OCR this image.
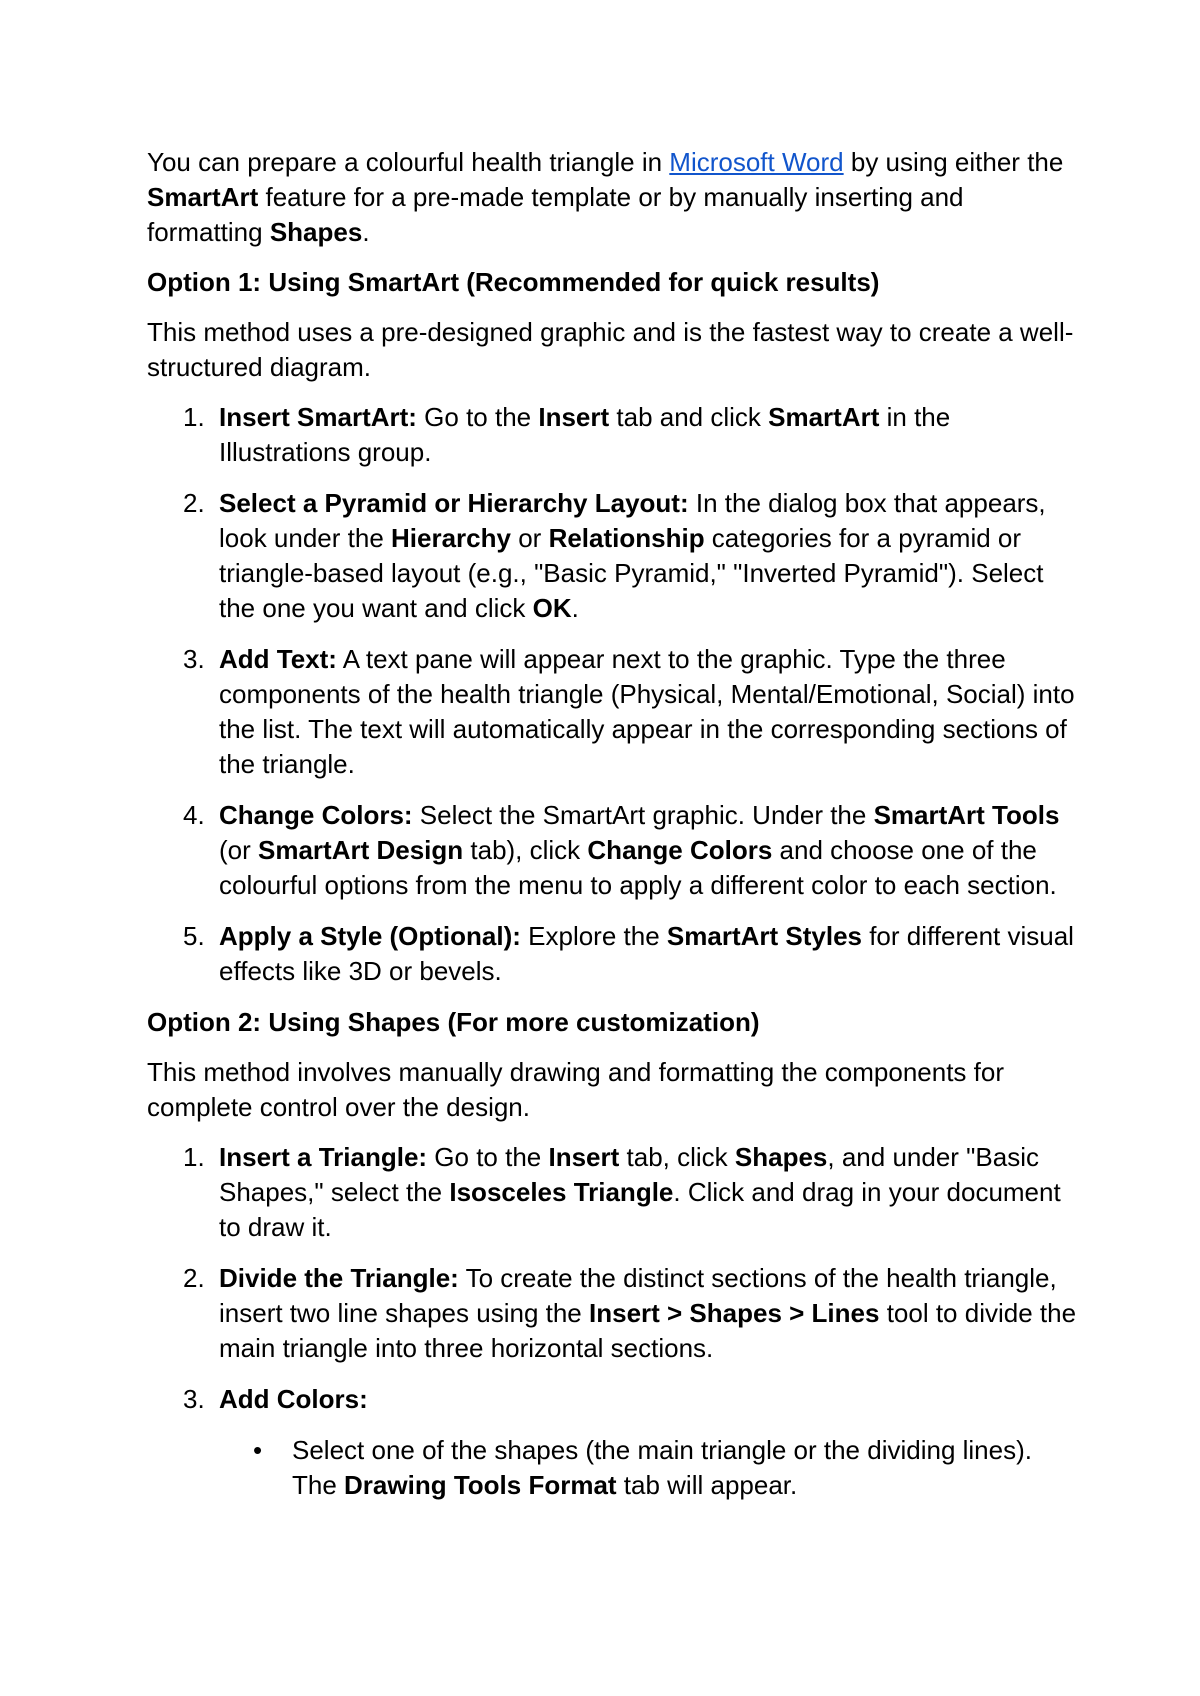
You can prepare a colourful health triangle in Microsoft Word by using either the SmartArt feature for a pre-made template or by manually inserting and formatting Shapes.

Option 1: Using SmartArt (Recommended for quick results)

This method uses a pre-designed graphic and is the fastest way to create a well-structured diagram.

1. Insert SmartArt: Go to the Insert tab and click SmartArt in the Illustrations group.
2. Select a Pyramid or Hierarchy Layout: In the dialog box that appears, look under the Hierarchy or Relationship categories for a pyramid or triangle-based layout (e.g., "Basic Pyramid," "Inverted Pyramid"). Select the one you want and click OK.
3. Add Text: A text pane will appear next to the graphic. Type the three components of the health triangle (Physical, Mental/Emotional, Social) into the list. The text will automatically appear in the corresponding sections of the triangle.
4. Change Colors: Select the SmartArt graphic. Under the SmartArt Tools (or SmartArt Design tab), click Change Colors and choose one of the colourful options from the menu to apply a different color to each section.
5. Apply a Style (Optional): Explore the SmartArt Styles for different visual effects like 3D or bevels.

Option 2: Using Shapes (For more customization)

This method involves manually drawing and formatting the components for complete control over the design.

1. Insert a Triangle: Go to the Insert tab, click Shapes, and under "Basic Shapes," select the Isosceles Triangle. Click and drag in your document to draw it.
2. Divide the Triangle: To create the distinct sections of the health triangle, insert two line shapes using the Insert > Shapes > Lines tool to divide the main triangle into three horizontal sections.
3. Add Colors:
• Select one of the shapes (the main triangle or the dividing lines). The Drawing Tools Format tab will appear.
